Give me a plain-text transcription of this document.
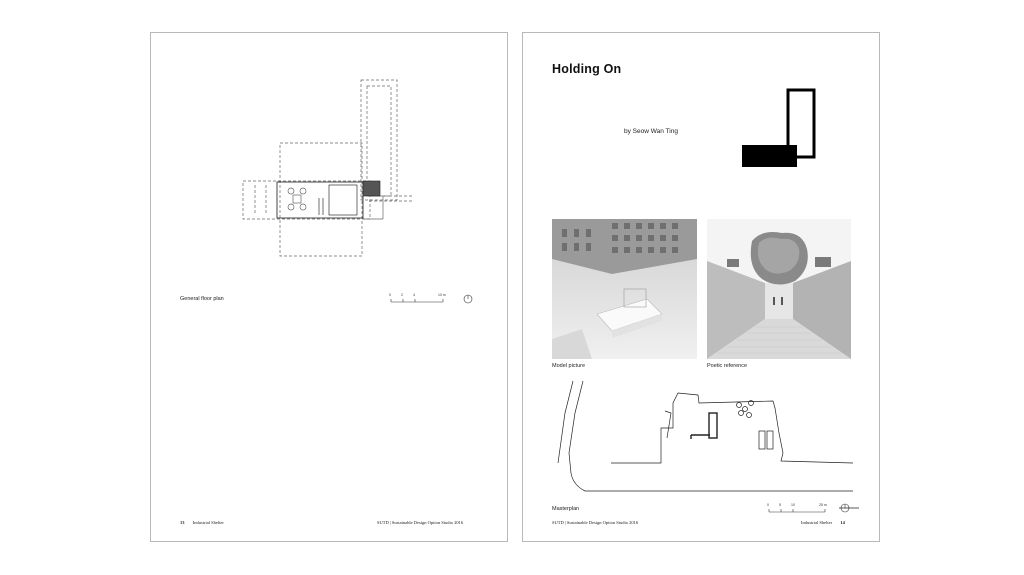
General floor plan
0	2	4	10 m
13 Industrial Shelter	SUTD | Sustainable Design Option Studio 2016
Holding On
by Seow Wan Ting
Model picture	Poetic reference
Masterplan
0	5	10	25 m
SUTD | Sustainable Design Option Studio 2016	Industrial Shelter 14
